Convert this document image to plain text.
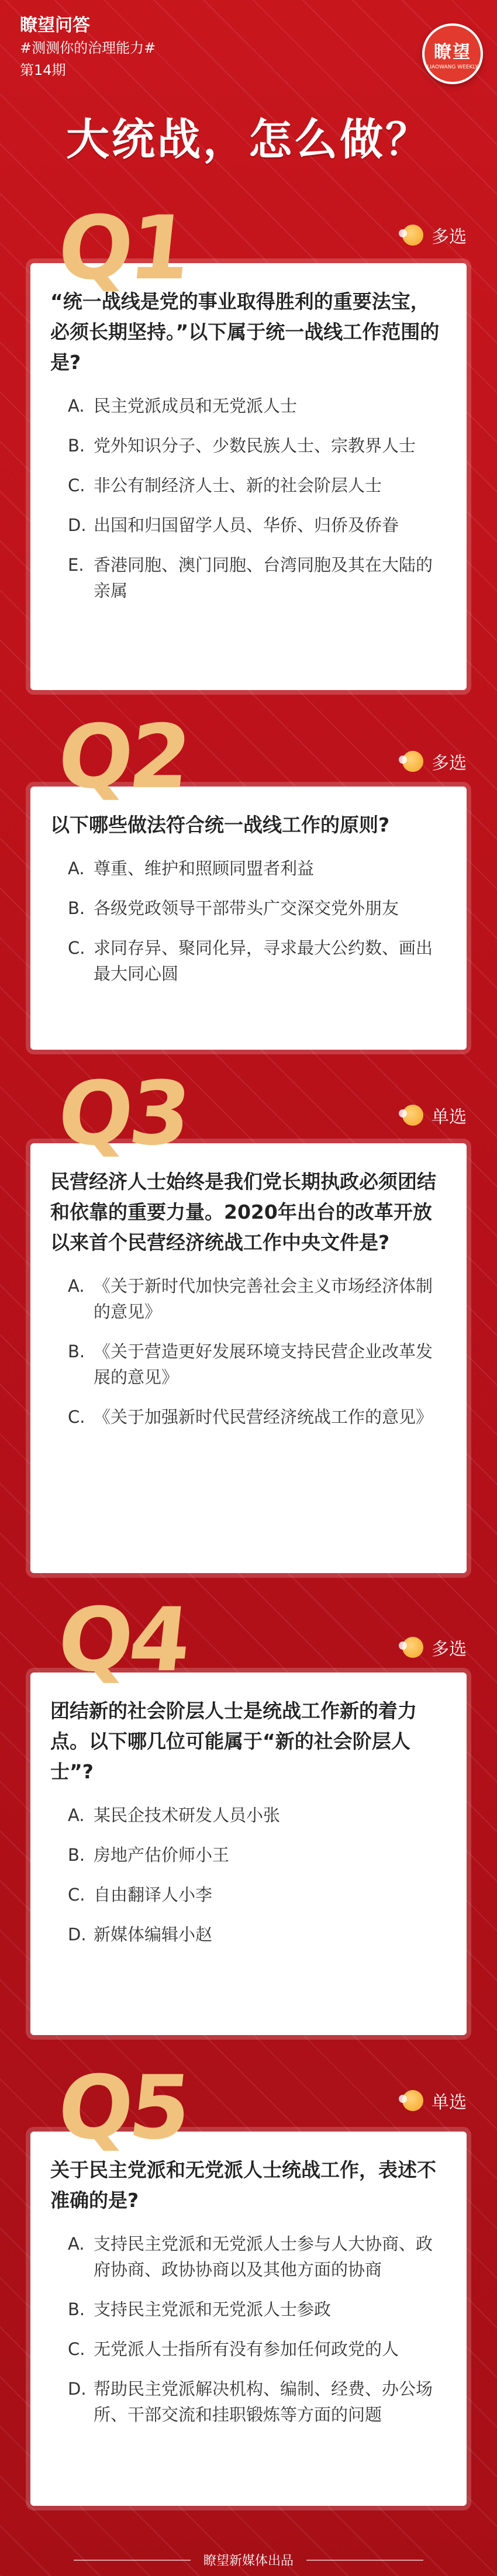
瞭望问答
#测测你的治理能力#
第14期
瞭望
LIAOWANG WEEKLY
大统战，怎么做？
Q1	多选
“统一战线是党的事业取得胜利的重要法宝，必须长期坚持。”以下属于统一战线工作范围的是?
A. 民主党派成员和无党派人士
B. 党外知识分子、少数民族人士、宗教界人士
C. 非公有制经济人士、新的社会阶层人士
D. 出国和归国留学人员、华侨、归侨及侨眷
E. 香港同胞、澳门同胞、台湾同胞及其在大陆的亲属
Q2	多选
以下哪些做法符合统一战线工作的原则?
A. 尊重、维护和照顾同盟者利益
B. 各级党政领导干部带头广交深交党外朋友
C. 求同存异、聚同化异，寻求最大公约数、画出最大同心圆
Q3	单选
民营经济人士始终是我们党长期执政必须团结和依靠的重要力量。2020年出台的改革开放以来首个民营经济统战工作中央文件是?
A. 《关于新时代加快完善社会主义市场经济体制的意见》
B. 《关于营造更好发展环境支持民营企业改革发展的意见》
C. 《关于加强新时代民营经济统战工作的意见》
Q4	多选
团结新的社会阶层人士是统战工作新的着力点。以下哪几位可能属于“新的社会阶层人士”?
A. 某民企技术研发人员小张
B. 房地产估价师小王
C. 自由翻译人小李
D. 新媒体编辑小赵
Q5	单选
关于民主党派和无党派人士统战工作，表述不准确的是?
A. 支持民主党派和无党派人士参与人大协商、政府协商、政协协商以及其他方面的协商
B. 支持民主党派和无党派人士参政
C. 无党派人士指所有没有参加任何政党的人
D. 帮助民主党派解决机构、编制、经费、办公场所、干部交流和挂职锻炼等方面的问题
瞭望新媒体出品
